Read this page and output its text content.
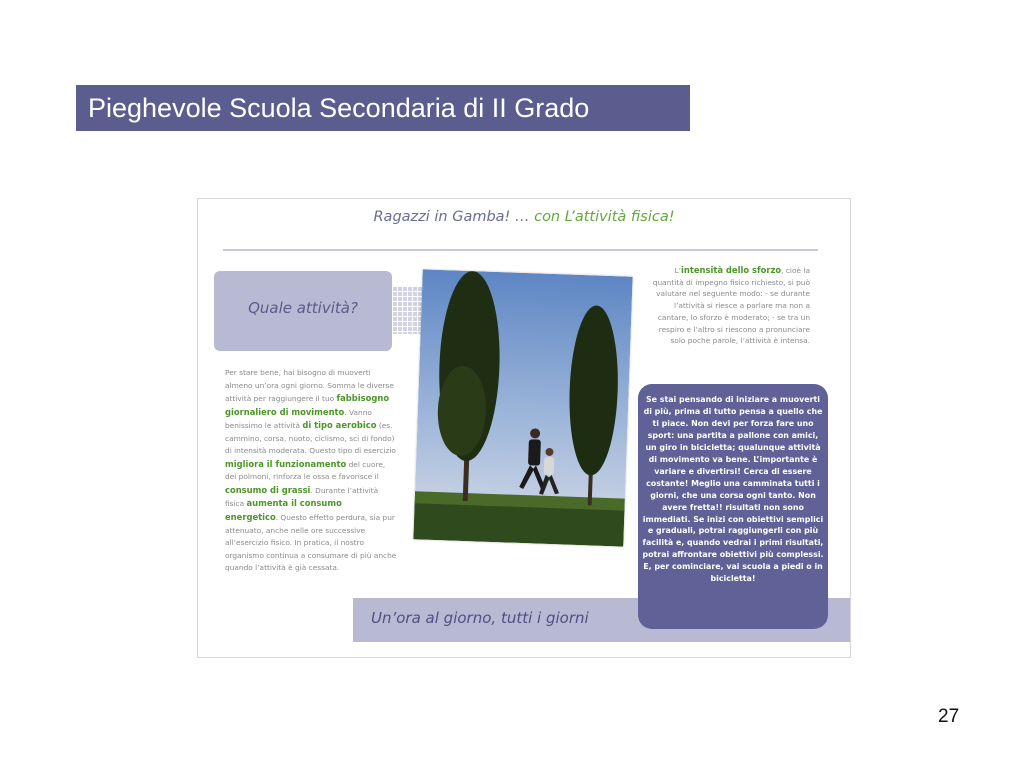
Pieghevole Scuola Secondaria di II Grado
Ragazzi in Gamba! … con L’attività fisica!
Quale attività?
Per stare bene, hai bisogno di muoverti almeno un’ora ogni giorno. Somma le diverse attività per raggiungere il tuo fabbisogno giornaliero di movimento. Vanno benissimo le attività di tipo aerobico (es. cammino, corsa, nuoto, ciclismo, sci di fondo) di intensità moderata. Questo tipo di esercizio migliora il funzionamento del cuore, dei polmoni, rinforza le ossa e favorisce il consumo di grassi. Durante l’attività fisica aumenta il consumo energetico. Questo effetto perdura, sia pur attenuato, anche nelle ore successive all’esercizio fisico. In pratica, il nostro organismo continua a consumare di più anche quando l’attività è già cessata.
L’intensità dello sforzo, cioè la quantità di impegno fisico richiesto, si può valutare nel seguente modo: - se durante l’attività si riesce a parlare ma non a cantare, lo sforzo è moderato; - se tra un respiro e l’altro si riescono a pronunciare solo poche parole, l’attività è intensa.
Un’ora al giorno, tutti i giorni
Se stai pensando di iniziare a muoverti di più, prima di tutto pensa a quello che ti piace. Non devi per forza fare uno sport: una partita a pallone con amici, un giro in bicicletta; qualunque attività di movimento va bene. L’importante è variare e divertirsi! Cerca di essere costante! Meglio una camminata tutti i giorni, che una corsa ogni tanto. Non avere fretta!! risultati non sono immediati. Se inizi con obiettivi semplici e graduali, potrai raggiungerli con più facilità e, quando vedrai i primi risultati, potrai affrontare obiettivi più complessi. E, per cominciare, vai scuola a piedi o in bicicletta!
27
